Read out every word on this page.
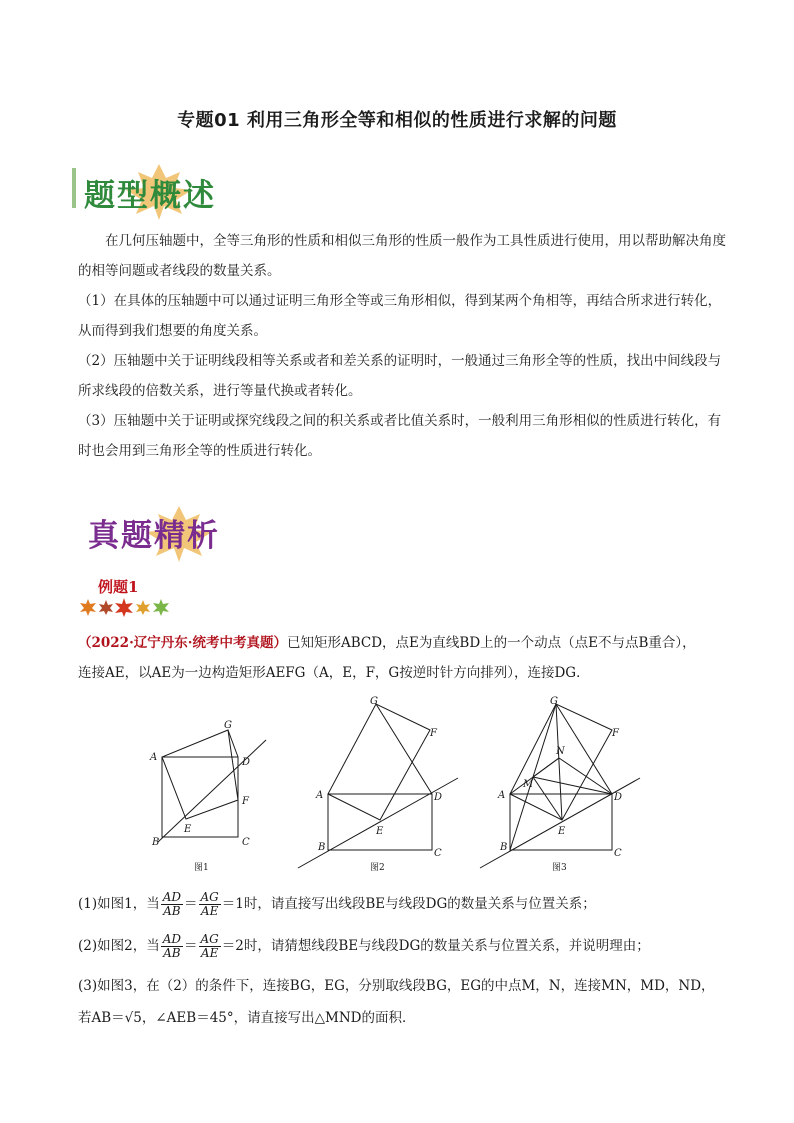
专题01 利用三角形全等和相似的性质进行求解的问题
题型概述

在几何压轴题中，全等三角形的性质和相似三角形的性质一般作为工具性质进行使用，用以帮助解决角度的相等问题或者线段的数量关系。

（1）在具体的压轴题中可以通过证明三角形全等或三角形相似，得到某两个角相等，再结合所求进行转化，从而得到我们想要的角度关系。

（2）压轴题中关于证明线段相等关系或者和差关系的证明时，一般通过三角形全等的性质，找出中间线段与所求线段的倍数关系，进行等量代换或者转化。

（3）压轴题中关于证明或探究线段之间的积关系或者比值关系时，一般利用三角形相似的性质进行转化，有时也会用到三角形全等的性质进行转化。

真题精析
例题1

（2022·辽宁丹东·统考中考真题）已知矩形ABCD，点E为直线BD上的一个动点（点E不与点B重合），

连接AE，以AE为一边构造矩形AEFG（A，E，F，G按逆时针方向排列），连接DG．

A
B	C
D
E
F
G
图1
A
B
C
D
E
F
G
图2
A
B
C
D
E
F
G
M
N
图3

(1)如图1，当 $\frac{AD}{AB} = \frac{AG}{AE} =1$时，请直接写出线段BE与线段DG的数量关系与位置关系；

(2)如图2，当 $\frac{AD}{AB} = \frac{AG}{AE} =2$时，请猜想线段BE与线段DG的数量关系与位置关系，并说明理由；

(3)如图3，在（2）的条件下，连接BG，EG，分别取线段BG，EG的中点M，N，连接MN，MD，ND，

若AB＝√5，∠AEB＝45°，请直接写出△MND的面积．
